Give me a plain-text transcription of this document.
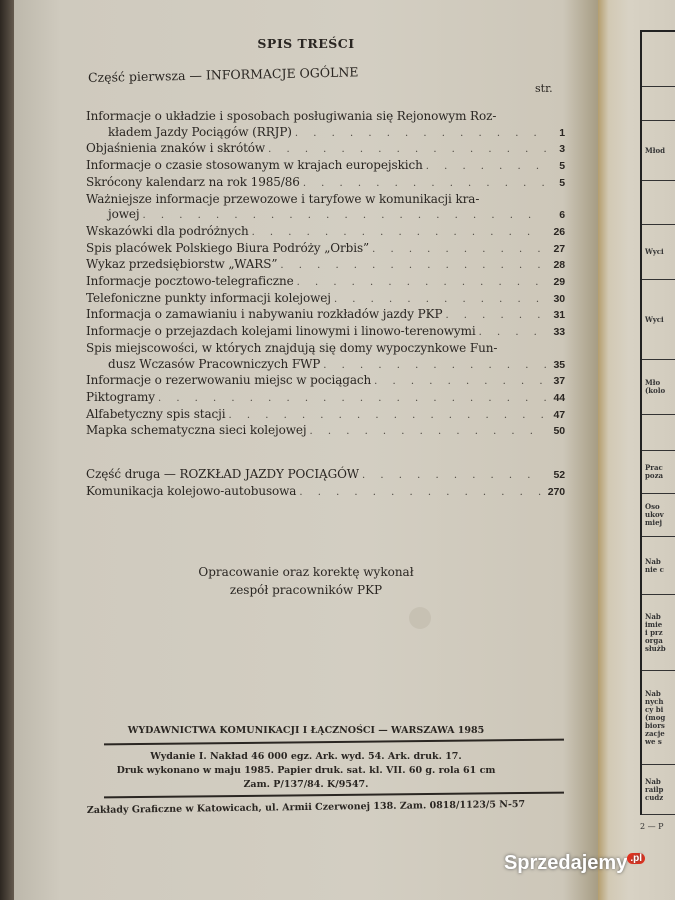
SPIS TREŚCI
Część pierwsza — INFORMACJE OGÓLNE
str.
Informacje o układzie i sposobach posługiwania się Rejonowym Roz-
kładem Jazdy Pociągów (RRJP) . . .	1
Objaśnienia znaków i skrótów . . .	3
Informacje o czasie stosowanym w krajach europejskich . . .	5
Skrócony kalendarz na rok 1985/86 . . .	5
Ważniejsze informacje przewozowe i taryfowe w komunikacji kra-
jowej . . .	6
Wskazówki dla podróżnych . . .	26
Spis placówek Polskiego Biura Podróży „Orbis” . . .	27
Wykaz przedsiębiorstw „WARS” . . .	28
Informacje pocztowo-telegraficzne . . .	29
Telefoniczne punkty informacji kolejowej . . .	30
Informacja o zamawianiu i nabywaniu rozkładów jazdy PKP . . .	31
Informacje o przejazdach kolejami linowymi i linowo-terenowymi . . .	33
Spis miejscowości, w których znajdują się domy wypoczynkowe Fun-
dusz Wczasów Pracowniczych FWP . . .	35
Informacje o rezerwowaniu miejsc w pociągach . . .	37
Piktogramy . . .	44
Alfabetyczny spis stacji . . .	47
Mapka schematyczna sieci kolejowej . . .	50
Część druga — ROZKŁAD JAZDY POCIĄGÓW . . .	52
Komunikacja kolejowo-autobusowa . . .	270
Opracowanie oraz korektę wykonał
zespół pracowników PKP
WYDAWNICTWA KOMUNIKACJI I ŁĄCZNOŚCI — WARSZAWA 1985
Wydanie I. Nakład 46 000 egz. Ark. wyd. 54. Ark. druk. 17.
Druk wykonano w maju 1985. Papier druk. sat. kl. VII. 60 g. rola 61 cm
Zam. P/137/84. K/9547.
Zakłady Graficzne w Katowicach, ul. Armii Czerwonej 138. Zam. 0818/1123/5 N-57
Młod
Wyci
Wyci
Mło
(kolo
Prac
poza
Oso
ukov
miej
Nab
nie c
Nab
imie
i prz
orga
służb
Nab
nych
cy bi
(mog
biors
zacje
we s
Nab
railp
cudz
2 — P
Sprzedajemy $^{.pl}$
